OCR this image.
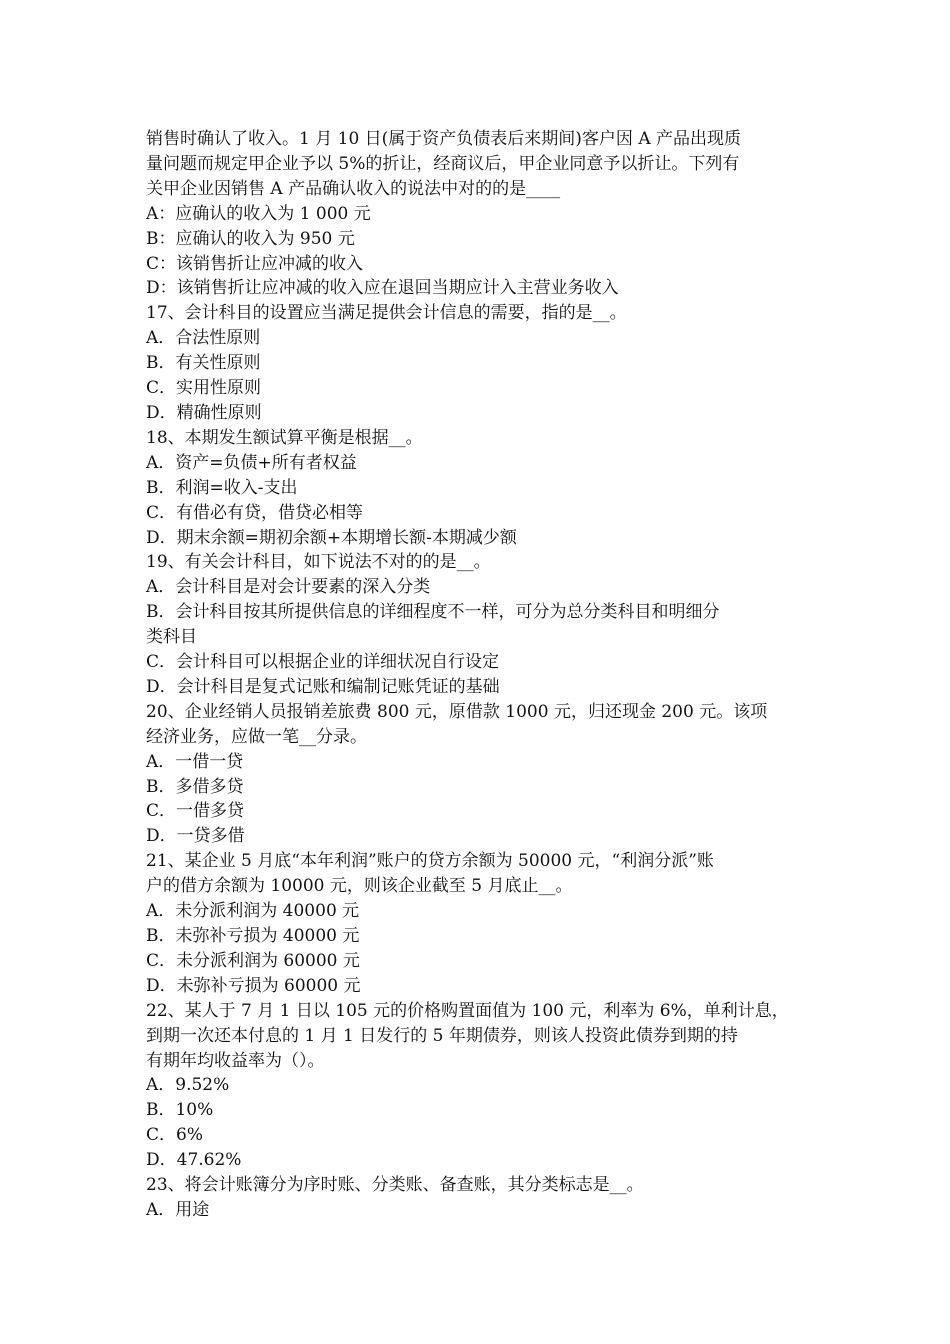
销售时确认了收入。1 月 10 日(属于资产负债表后来期间)客户因 A 产品出现质
量问题而规定甲企业予以 5%的折让，经商议后，甲企业同意予以折让。下列有
关甲企业因销售 A 产品确认收入的说法中对的的是____
A：应确认的收入为 1 000 元
B：应确认的收入为 950 元
C：该销售折让应冲减的收入
D：该销售折让应冲减的收入应在退回当期应计入主营业务收入
17、会计科目的设置应当满足提供会计信息的需要，指的是__。
A．合法性原则
B．有关性原则
C．实用性原则
D．精确性原则
18、本期发生额试算平衡是根据__。
A．资产=负债+所有者权益
B．利润=收入-支出
C．有借必有贷，借贷必相等
D．期末余额=期初余额+本期增长额-本期减少额
19、有关会计科目，如下说法不对的的是__。
A．会计科目是对会计要素的深入分类
B．会计科目按其所提供信息的详细程度不一样，可分为总分类科目和明细分
类科目
C．会计科目可以根据企业的详细状况自行设定
D．会计科目是复式记账和编制记账凭证的基础
20、企业经销人员报销差旅费 800 元，原借款 1000 元，归还现金 200 元。该项
经济业务，应做一笔__分录。
A．一借一贷
B．多借多贷
C．一借多贷
D．一贷多借
21、某企业 5 月底“本年利润”账户的贷方余额为 50000 元，“利润分派”账
户的借方余额为 10000 元，则该企业截至 5 月底止__。
A．未分派利润为 40000 元
B．未弥补亏损为 40000 元
C．未分派利润为 60000 元
D．未弥补亏损为 60000 元
22、某人于 7 月 1 日以 105 元的价格购置面值为 100 元，利率为 6%，单利计息，
到期一次还本付息的 1 月 1 日发行的 5 年期债券，则该人投资此债券到期的持
有期年均收益率为（）。
A．9.52%
B．10%
C．6%
D．47.62%
23、将会计账簿分为序时账、分类账、备查账，其分类标志是__。
A．用途
